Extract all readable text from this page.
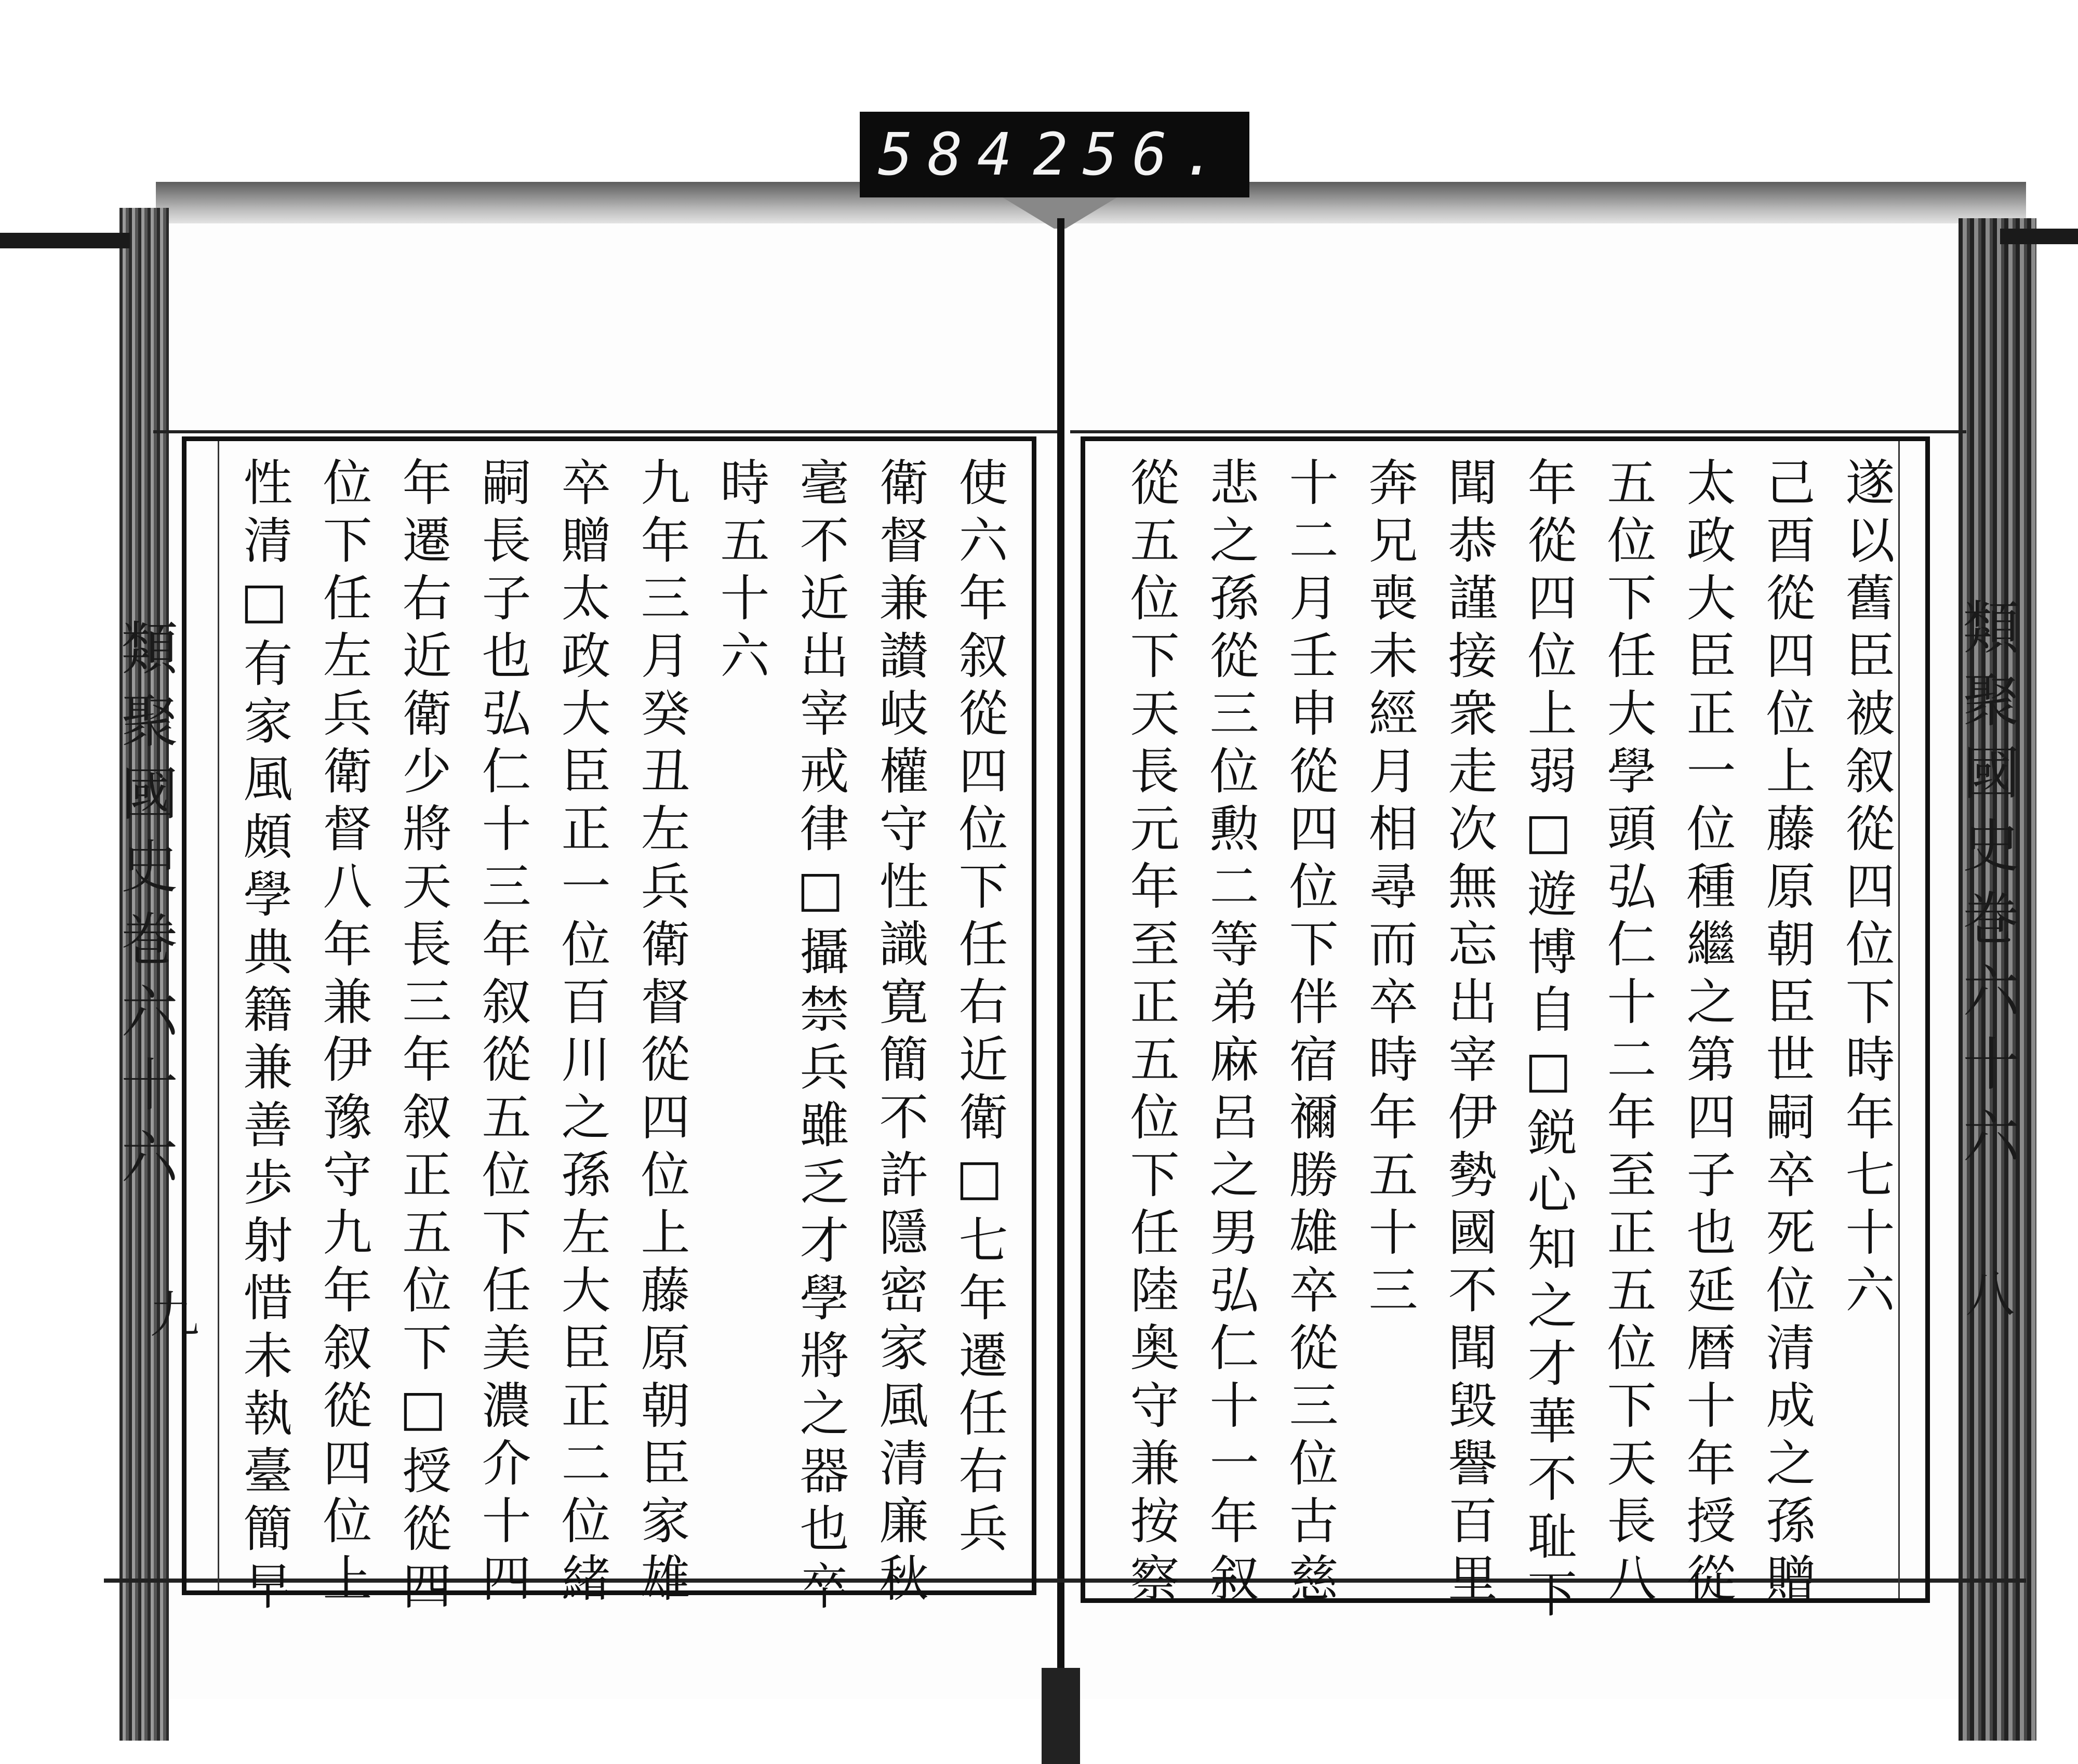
584 256.
類聚國史巻六十六
九
類聚國史巻六十六
八
使六年叙從四位下任右近衛□七年遷任右兵
衛督兼讃岐權守性識寛簡不許隱密家風清廉秋
毫不近出宰戒律□攝禁兵雖乏才學將之器也卒
時五十六
九年三月癸丑左兵衛督從四位上藤原朝臣家雄
卒贈太政大臣正一位百川之孫左大臣正二位緒
嗣長子也弘仁十三年叙從五位下任美濃介十四
年遷右近衛少將天長三年叙正五位下□授從四
位下任左兵衛督八年兼伊豫守九年叙從四位上
性清□有家風頗學典籍兼善歩射惜未執臺簡早	遂以舊臣被叙從四位下時年七十六
己酉從四位上藤原朝臣世嗣卒死位清成之孫贈
太政大臣正一位種繼之第四子也延暦十年授從
五位下任大學頭弘仁十二年至正五位下天長八
年從四位上弱□遊博自□鋭心知之才華不耻下
聞恭謹接衆走次無忘出宰伊勢國不聞毀譽百里
奔兄喪未經月相尋而卒時年五十三
十二月壬申從四位下伴宿禰勝雄卒從三位古慈
悲之孫從三位勲二等弟麻呂之男弘仁十一年叙
從五位下天長元年至正五位下任陸奥守兼按察
